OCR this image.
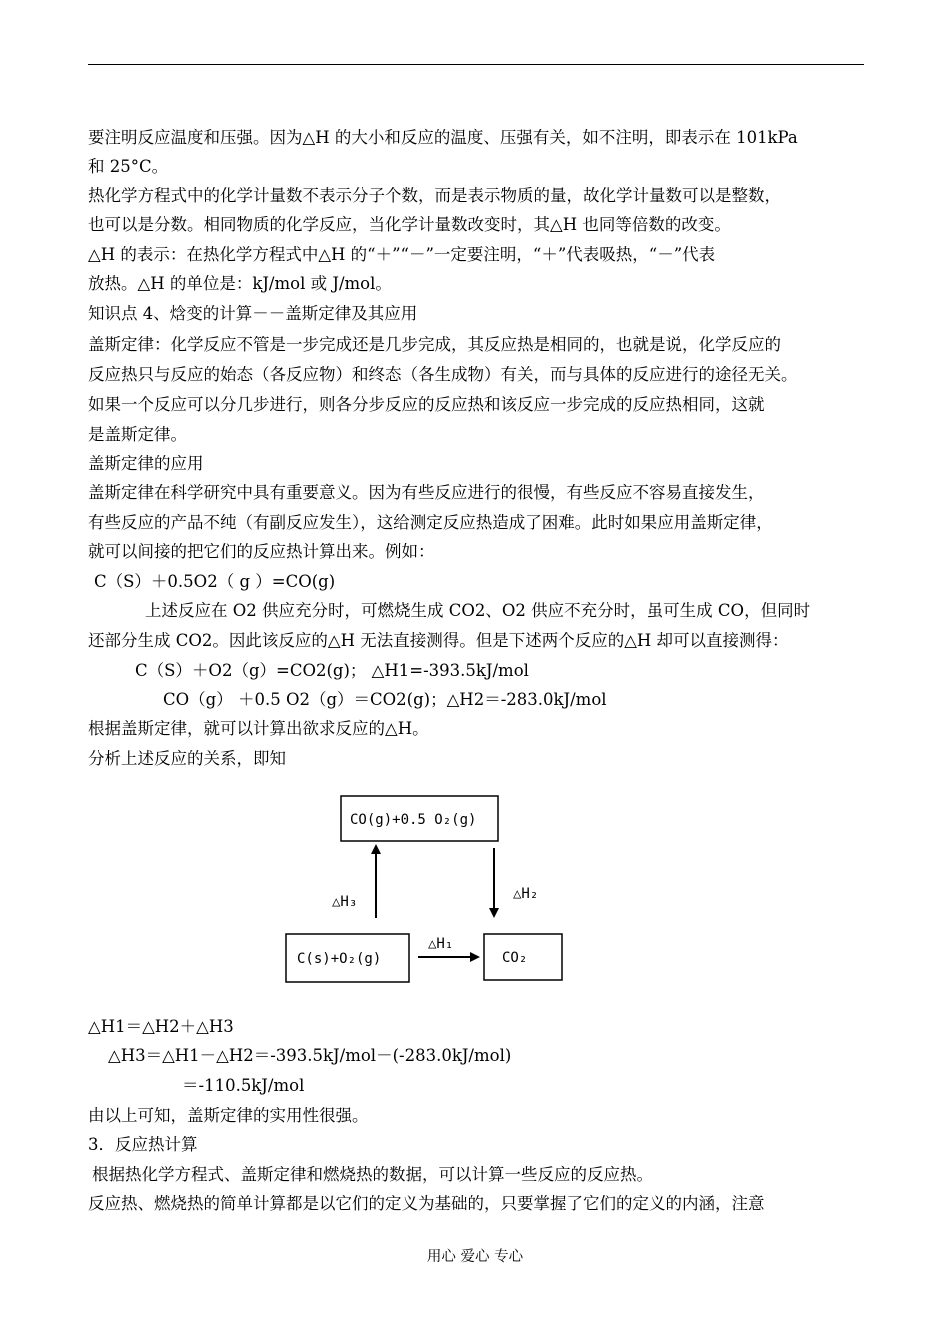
要注明反应温度和压强。因为△H 的大小和反应的温度、压强有关，如不注明，即表示在 101kPa
和 25°C。
热化学方程式中的化学计量数不表示分子个数，而是表示物质的量，故化学计量数可以是整数，
也可以是分数。相同物质的化学反应，当化学计量数改变时，其△H 也同等倍数的改变。
△H 的表示：在热化学方程式中△H 的“＋”“－”一定要注明，“＋”代表吸热，“－”代表
放热。△H 的单位是：kJ/mol 或 J/mol。
知识点 4、焓变的计算－－盖斯定律及其应用
盖斯定律：化学反应不管是一步完成还是几步完成，其反应热是相同的，也就是说，化学反应的
反应热只与反应的始态（各反应物）和终态（各生成物）有关，而与具体的反应进行的途径无关。
如果一个反应可以分几步进行，则各分步反应的反应热和该反应一步完成的反应热相同，这就
是盖斯定律。
盖斯定律的应用
盖斯定律在科学研究中具有重要意义。因为有些反应进行的很慢，有些反应不容易直接发生，
有些反应的产品不纯（有副反应发生），这给测定反应热造成了困难。此时如果应用盖斯定律，
就可以间接的把它们的反应热计算出来。例如：
C（S）＋0.5O2（ g ）=CO(g)
上述反应在 O2 供应充分时，可燃烧生成 CO2、O2 供应不充分时，虽可生成 CO，但同时
还部分生成 CO2。因此该反应的△H 无法直接测得。但是下述两个反应的△H 却可以直接测得：
C（S）＋O2（g）=CO2(g)； △H1=-393.5kJ/mol
CO（g） ＋0.5 O2（g）＝CO2(g)；△H2＝-283.0kJ/mol
根据盖斯定律，就可以计算出欲求反应的△H。
分析上述反应的关系，即知
CO(g)+0.5 O₂(g)
C(s)+O₂(g)	CO₂
△H₃	△H₂
△H₁
△H1＝△H2＋△H3
△H3＝△H1－△H2＝-393.5kJ/mol－(-283.0kJ/mol)
＝-110.5kJ/mol
由以上可知，盖斯定律的实用性很强。
3．反应热计算
根据热化学方程式、盖斯定律和燃烧热的数据，可以计算一些反应的反应热。
反应热、燃烧热的简单计算都是以它们的定义为基础的，只要掌握了它们的定义的内涵，注意
用心 爱心 专心
